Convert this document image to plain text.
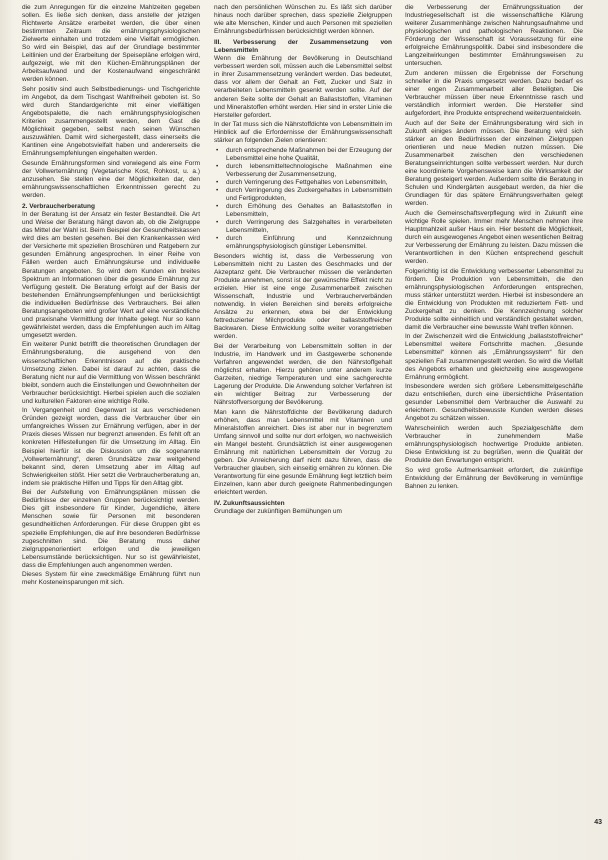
die zum Anregungen für die einzelne Mahlzeiten gegeben sollen. Es ließe sich denken, dass anstelle der jetzigen Richtwerte Ansätze erarbeitet werden, die über einen bestimmten Zeitraum die ernährungsphysiologischen Zielwerte einhalten und trotzdem eine Vielfalt ermöglichen. So wird ein Beispiel, das auf der Grundlage bestimmter Leitlinien und der Erarbeitung der Speisepläne erfolgen wird, aufgezeigt, wie mit den Küchen-Ernährungsplänen der Arbeitsaufwand und der Kostenaufwand eingeschränkt werden können.

Sehr positiv sind auch Selbstbedienungs- und Tischgerichte im Angebot, da dem Tischgast Wahlfreiheit geboten ist. So wird durch Standardgerichte mit einer vielfältigen Angebotspalette, die nach ernährungsphysiologischen Kriterien zusammengestellt werden, dem Gast die Möglichkeit gegeben, selbst nach seinen Wünschen auszuwählen. Damit wird sichergestellt, dass einerseits die Kantinen eine Angebotsvielfalt haben und andererseits die Ernährungsempfehlungen eingehalten werden.

Gesunde Ernährungsformen sind vorwiegend als eine Form der Vollwerternährung (Vegetarische Kost, Rohkost, u. a.) anzusehen. Sie stellen eine der Möglichkeiten dar, den ernährungswissenschaftlichen Erkenntnissen gerecht zu werden.

2. Verbraucherberatung

In der Beratung ist der Ansatz ein fester Bestandteil. Die Art und Weise der Beratung hängt davon ab, ob die Zielgruppe das Mittel der Wahl ist. Beim Beispiel der Gesundheitskassen wird dies am besten gesehen. Bei den Krankenkassen wird der Versicherte mit speziellen Broschüren und Ratgebern zur gesunden Ernährung angesprochen. In einer Reihe von Fällen werden auch Ernährungskurse und individuelle Beratungen angeboten. So wird dem Kunden ein breites Spektrum an Informationen über die gesunde Ernährung zur Verfügung gestellt. Die Beratung erfolgt auf der Basis der bestehenden Ernährungsempfehlungen und berücksichtigt die individuellen Bedürfnisse des Verbrauchers. Bei allen Beratungsangeboten wird großer Wert auf eine verständliche und praxisnahe Vermittlung der Inhalte gelegt. Nur so kann gewährleistet werden, dass die Empfehlungen auch im Alltag umgesetzt werden.

Ein weiterer Punkt betrifft die theoretischen Grundlagen der Ernährungsberatung, die ausgehend von den wissenschaftlichen Erkenntnissen auf die praktische Umsetzung zielen. Dabei ist darauf zu achten, dass die Beratung nicht nur auf die Vermittlung von Wissen beschränkt bleibt, sondern auch die Einstellungen und Gewohnheiten der Verbraucher berücksichtigt. Hierbei spielen auch die sozialen und kulturellen Faktoren eine wichtige Rolle.

In Vergangenheit und Gegenwart ist aus verschiedenen Gründen gezeigt worden, dass die Verbraucher über ein umfangreiches Wissen zur Ernährung verfügen, aber in der Praxis dieses Wissen nur begrenzt anwenden. Es fehlt oft an konkreten Hilfestellungen für die Umsetzung im Alltag. Ein Beispiel hierfür ist die Diskussion um die sogenannte „Vollwerternährung“, deren Grundsätze zwar weitgehend bekannt sind, deren Umsetzung aber im Alltag auf Schwierigkeiten stößt. Hier setzt die Verbraucherberatung an, indem sie praktische Hilfen und Tipps für den Alltag gibt.

Bei der Aufstellung von Ernährungsplänen müssen die Bedürfnisse der einzelnen Gruppen berücksichtigt werden. Dies gilt insbesondere für Kinder, Jugendliche, ältere Menschen sowie für Personen mit besonderen gesundheitlichen Anforderungen. Für diese Gruppen gibt es spezielle Empfehlungen, die auf ihre besonderen Bedürfnisse zugeschnitten sind. Die Beratung muss daher zielgruppenorientiert erfolgen und die jeweiligen Lebensumstände berücksichtigen. Nur so ist gewährleistet, dass die Empfehlungen auch angenommen werden.

Dieses System für eine zweckmäßige Ernährung führt nun mehr Kosteneinsparungen mit sich.

nach den persönlichen Wünschen zu. Es läßt sich darüber hinaus noch darüber sprechen, dass spezielle Zielgruppen wie alte Menschen, Kinder und auch Personen mit speziellen Ernährungsbedürfnissen berücksichtigt werden können.

III. Verbesserung der Zusammensetzung von Lebensmitteln

Wenn die Ernährung der Bevölkerung in Deutschland verbessert werden soll, müssen auch die Lebensmittel selbst in ihrer Zusammensetzung verändert werden. Das bedeutet, dass vor allem der Gehalt an Fett, Zucker und Salz in verarbeiteten Lebensmitteln gesenkt werden sollte. Auf der anderen Seite sollte der Gehalt an Ballaststoffen, Vitaminen und Mineralstoffen erhöht werden. Hier sind in erster Linie die Hersteller gefordert.

In der Tat muss sich die Nährstoffdichte von Lebensmitteln im Hinblick auf die Erfordernisse der Ernährungswissenschaft stärker an folgenden Zielen orientieren:

• durch entsprechende Maßnahmen bei der Erzeugung der Lebensmittel eine hohe Qualität,
• durch lebensmitteltechnologische Maßnahmen eine Verbesserung der Zusammensetzung,
• durch Verringerung des Fettgehaltes von Lebensmitteln,
• durch Verringerung des Zuckergehaltes in Lebensmitteln und Fertigprodukten,
• durch Erhöhung des Gehaltes an Ballaststoffen in Lebensmitteln,
• durch Verringerung des Salzgehaltes in verarbeiteten Lebensmitteln,
• durch Einführung und Kennzeichnung ernährungsphysiologisch günstiger Lebensmittel.

Besonders wichtig ist, dass die Verbesserung von Lebensmitteln nicht zu Lasten des Geschmacks und der Akzeptanz geht. Die Verbraucher müssen die veränderten Produkte annehmen, sonst ist der gewünschte Effekt nicht zu erzielen. Hier ist eine enge Zusammenarbeit zwischen Wissenschaft, Industrie und Verbraucherverbänden notwendig. In vielen Bereichen sind bereits erfolgreiche Ansätze zu erkennen, etwa bei der Entwicklung fettreduzierter Milchprodukte oder ballaststoffreicher Backwaren. Diese Entwicklung sollte weiter vorangetrieben werden.

Bei der Verarbeitung von Lebensmitteln sollten in der Industrie, im Handwerk und im Gastgewerbe schonende Verfahren angewendet werden, die den Nährstoffgehalt möglichst erhalten. Hierzu gehören unter anderem kurze Garzeiten, niedrige Temperaturen und eine sachgerechte Lagerung der Produkte. Die Anwendung solcher Verfahren ist ein wichtiger Beitrag zur Verbesserung der Nährstoffversorgung der Bevölkerung.

Man kann die Nährstoffdichte der Bevölkerung dadurch erhöhen, dass man Lebensmittel mit Vitaminen und Mineralstoffen anreichert. Dies ist aber nur in begrenztem Umfang sinnvoll und sollte nur dort erfolgen, wo nachweislich ein Mangel besteht. Grundsätzlich ist einer ausgewogenen Ernährung mit natürlichen Lebensmitteln der Vorzug zu geben. Die Anreicherung darf nicht dazu führen, dass die Verbraucher glauben, sich einseitig ernähren zu können. Die Verantwortung für eine gesunde Ernährung liegt letztlich beim Einzelnen, kann aber durch geeignete Rahmenbedingungen erleichtert werden.

IV. Zukunftsaussichten

Grundlage der zukünftigen Bemühungen um

die Verbesserung der Ernährungssituation der Industriegesellschaft ist die wissenschaftliche Klärung weiterer Zusammenhänge zwischen Nahrungsaufnahme und physiologischen und pathologischen Reaktionen. Die Förderung der Wissenschaft ist Voraussetzung für eine erfolgreiche Ernährungspolitik. Dabei sind insbesondere die Langzeitwirkungen bestimmter Ernährungsweisen zu untersuchen.

Zum anderen müssen die Ergebnisse der Forschung schneller in die Praxis umgesetzt werden. Dazu bedarf es einer engen Zusammenarbeit aller Beteiligten. Die Verbraucher müssen über neue Erkenntnisse rasch und verständlich informiert werden. Die Hersteller sind aufgefordert, ihre Produkte entsprechend weiterzuentwickeln.

Auch auf der Seite der Ernährungsberatung wird sich in Zukunft einiges ändern müssen. Die Beratung wird sich stärker an den Bedürfnissen der einzelnen Zielgruppen orientieren und neue Medien nutzen müssen. Die Zusammenarbeit zwischen den verschiedenen Beratungseinrichtungen sollte verbessert werden. Nur durch eine koordinierte Vorgehensweise kann die Wirksamkeit der Beratung gesteigert werden. Außerdem sollte die Beratung in Schulen und Kindergärten ausgebaut werden, da hier die Grundlagen für das spätere Ernährungsverhalten gelegt werden.

Auch die Gemeinschaftsverpflegung wird in Zukunft eine wichtige Rolle spielen. Immer mehr Menschen nehmen ihre Hauptmahlzeit außer Haus ein. Hier besteht die Möglichkeit, durch ein ausgewogenes Angebot einen wesentlichen Beitrag zur Verbesserung der Ernährung zu leisten. Dazu müssen die Verantwortlichen in den Küchen entsprechend geschult werden.

Folgerichtig ist die Entwicklung verbesserter Lebensmittel zu fördern. Die Produktion von Lebensmitteln, die den ernährungsphysiologischen Anforderungen entsprechen, muss stärker unterstützt werden. Hierbei ist insbesondere an die Entwicklung von Produkten mit reduziertem Fett- und Zuckergehalt zu denken. Die Kennzeichnung solcher Produkte sollte einheitlich und verständlich gestaltet werden, damit die Verbraucher eine bewusste Wahl treffen können.

In der Zwischenzeit wird die Entwicklung „ballaststoffreicher“ Lebensmittel weitere Fortschritte machen. „Gesunde Lebensmittel“ können als „Ernährungssystem“ für den speziellen Fall zusammengestellt werden. So wird die Vielfalt des Angebots erhalten und gleichzeitig eine ausgewogene Ernährung ermöglicht.

Insbesondere werden sich größere Lebensmittelgeschäfte dazu entschließen, durch eine übersichtliche Präsentation gesunder Lebensmittel dem Verbraucher die Auswahl zu erleichtern. Gesundheitsbewusste Kunden werden dieses Angebot zu schätzen wissen.

Wahrscheinlich werden auch Spezialgeschäfte dem Verbraucher in zunehmendem Maße ernährungsphysiologisch hochwertige Produkte anbieten. Diese Entwicklung ist zu begrüßen, wenn die Qualität der Produkte den Erwartungen entspricht.

So wird große Aufmerksamkeit erfordert, die zukünftige Entwicklung der Ernährung der Bevölkerung in vernünftige Bahnen zu lenken.

43
